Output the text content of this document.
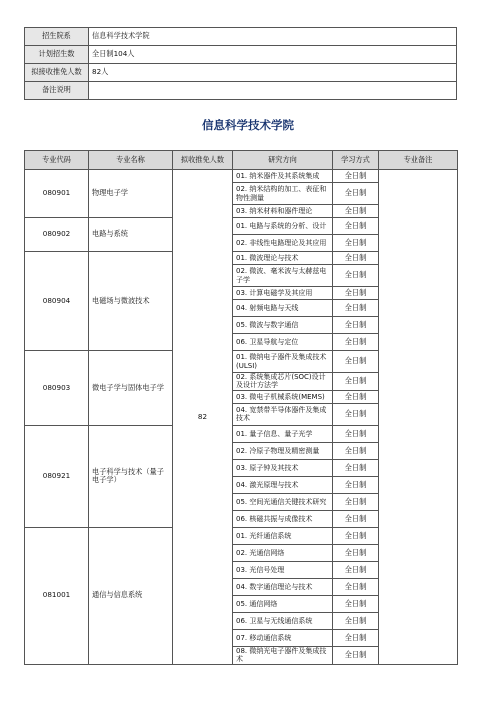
招生院系	信息科学技术学院
计划招生数	全日制104人
拟接收推免人数	82人
备注说明	
信息科学技术学院
专业代码	专业名称	拟收推免人数	研究方向	学习方式	专业备注
080901	物理电子学	82	01. 纳米器件及其系统集成	全日制	
			02. 纳米结构的加工、表征和物性测量	全日制	
			03. 纳米材料和器件理论	全日制	
080902	电路与系统		01. 电路与系统的分析、设计	全日制	
			02. 非线性电路理论及其应用	全日制	
080904	电磁场与微波技术		01. 微波理论与技术	全日制	
			02. 微波、毫米波与太赫兹电子学	全日制	
			03. 计算电磁学及其应用	全日制	
			04. 射频电路与天线	全日制	
			05. 微波与数字通信	全日制	
			06. 卫星导航与定位	全日制	
080903	微电子学与固体电子学		01. 微纳电子器件及集成技术(ULSI)	全日制	
			02. 系统集成芯片(SOC)设计及设计方法学	全日制	
			03. 微电子机械系统(MEMS)	全日制	
			04. 宽禁带半导体器件及集成技术	全日制	
080921	电子科学与技术（量子电子学）		01. 量子信息、量子光学	全日制	
			02. 冷原子物理及精密测量	全日制	
			03. 原子钟及其技术	全日制	
			04. 激光原理与技术	全日制	
			05. 空间光通信关键技术研究	全日制	
			06. 核磁共振与成像技术	全日制	
081001	通信与信息系统		01. 光纤通信系统	全日制	
			02. 光通信网络	全日制	
			03. 光信号处理	全日制	
			04. 数字通信理论与技术	全日制	
			05. 通信网络	全日制	
			06. 卫星与无线通信系统	全日制	
			07. 移动通信系统	全日制	
			08. 微纳光电子器件及集成技术	全日制	
